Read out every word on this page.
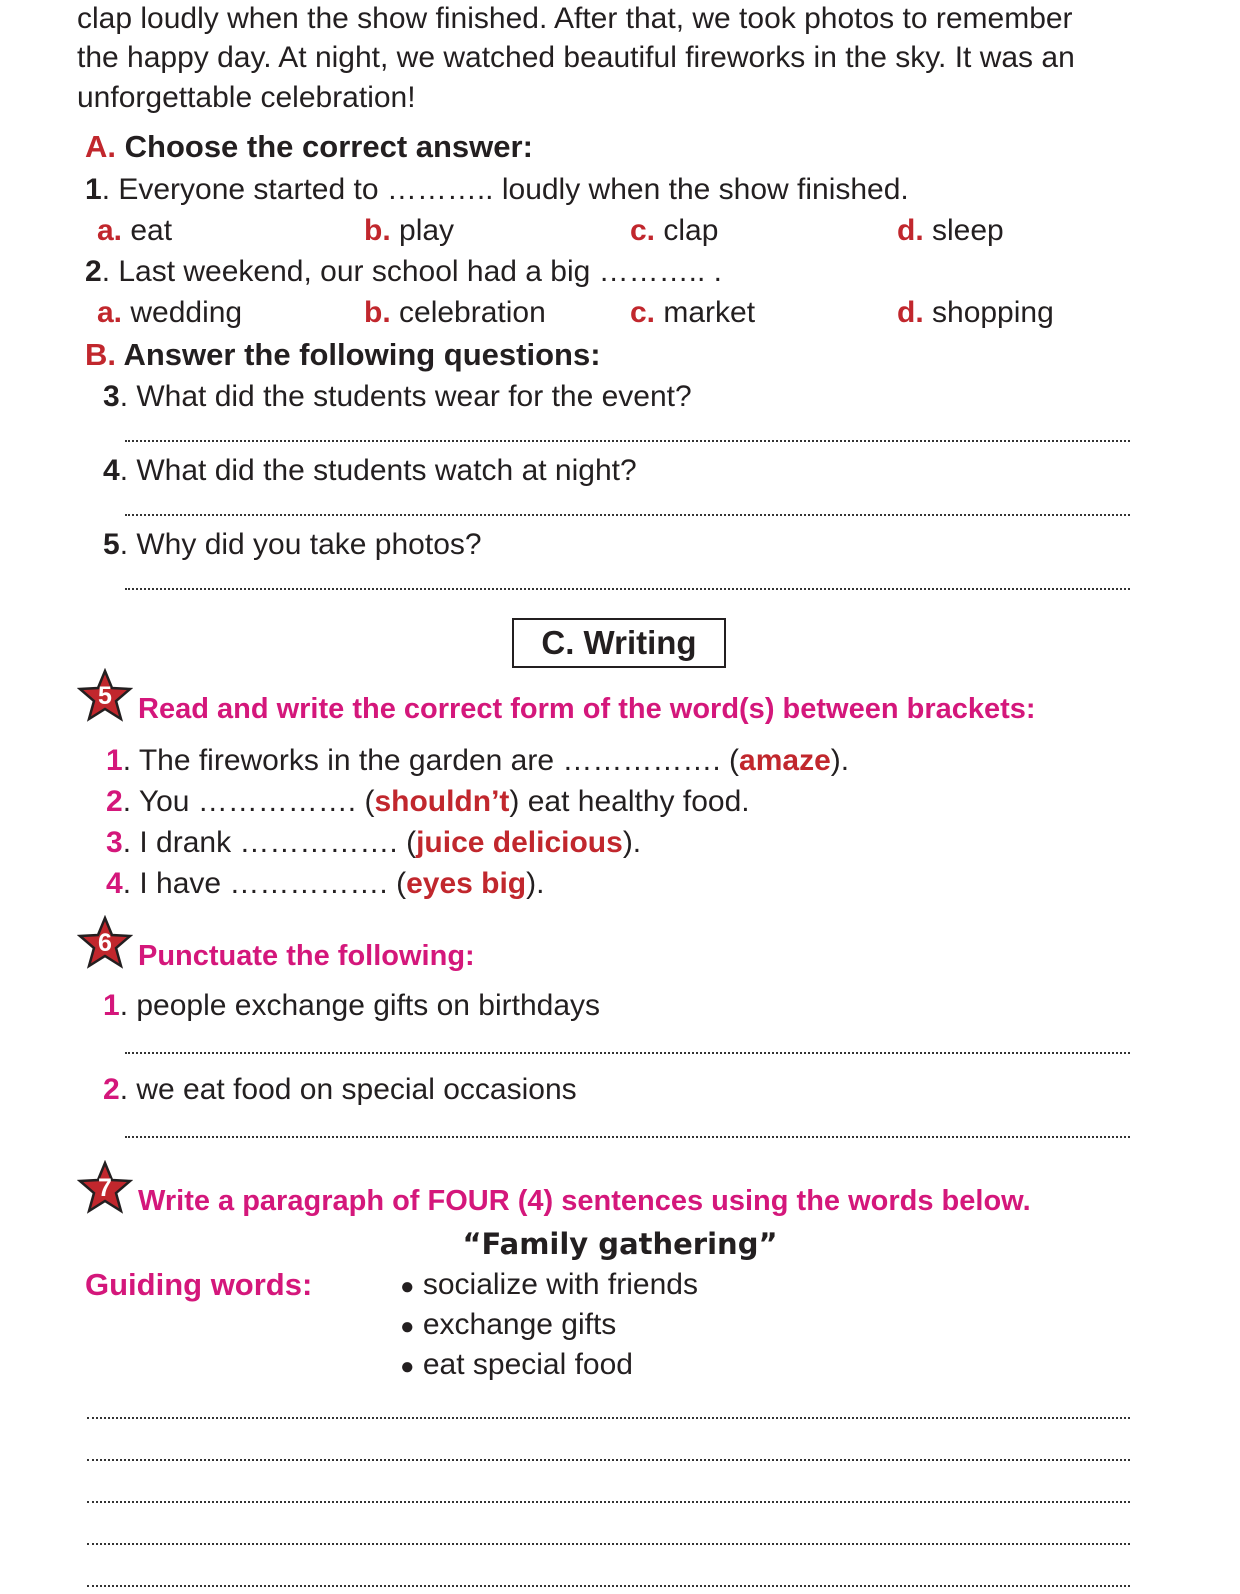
clap loudly when the show finished. After that, we took photos to remember
the happy day. At night, we watched beautiful fireworks in the sky. It was an
unforgettable celebration!
A. Choose the correct answer:
1. Everyone started to ……….. loudly when the show finished.
a. eat	b. play	c. clap	d. sleep
2. Last weekend, our school had a big ……….. .
a. wedding	b. celebration	c. market	d. shopping
B. Answer the following questions:
3. What did the students wear for the event?
4. What did the students watch at night?
5. Why did you take photos?
C. Writing
5 Read and write the correct form of the word(s) between brackets:
1. The fireworks in the garden are ……………. (amaze).
2. You ……………. (shouldn’t) eat healthy food.
3. I drank ……………. (juice delicious).
4. I have ……………. (eyes big).
6 Punctuate the following:
1. people exchange gifts on birthdays
2. we eat food on special occasions
7 Write a paragraph of FOUR (4) sentences using the words below.
“Family gathering”
Guiding words:	● socialize with friends
● exchange gifts
● eat special food
